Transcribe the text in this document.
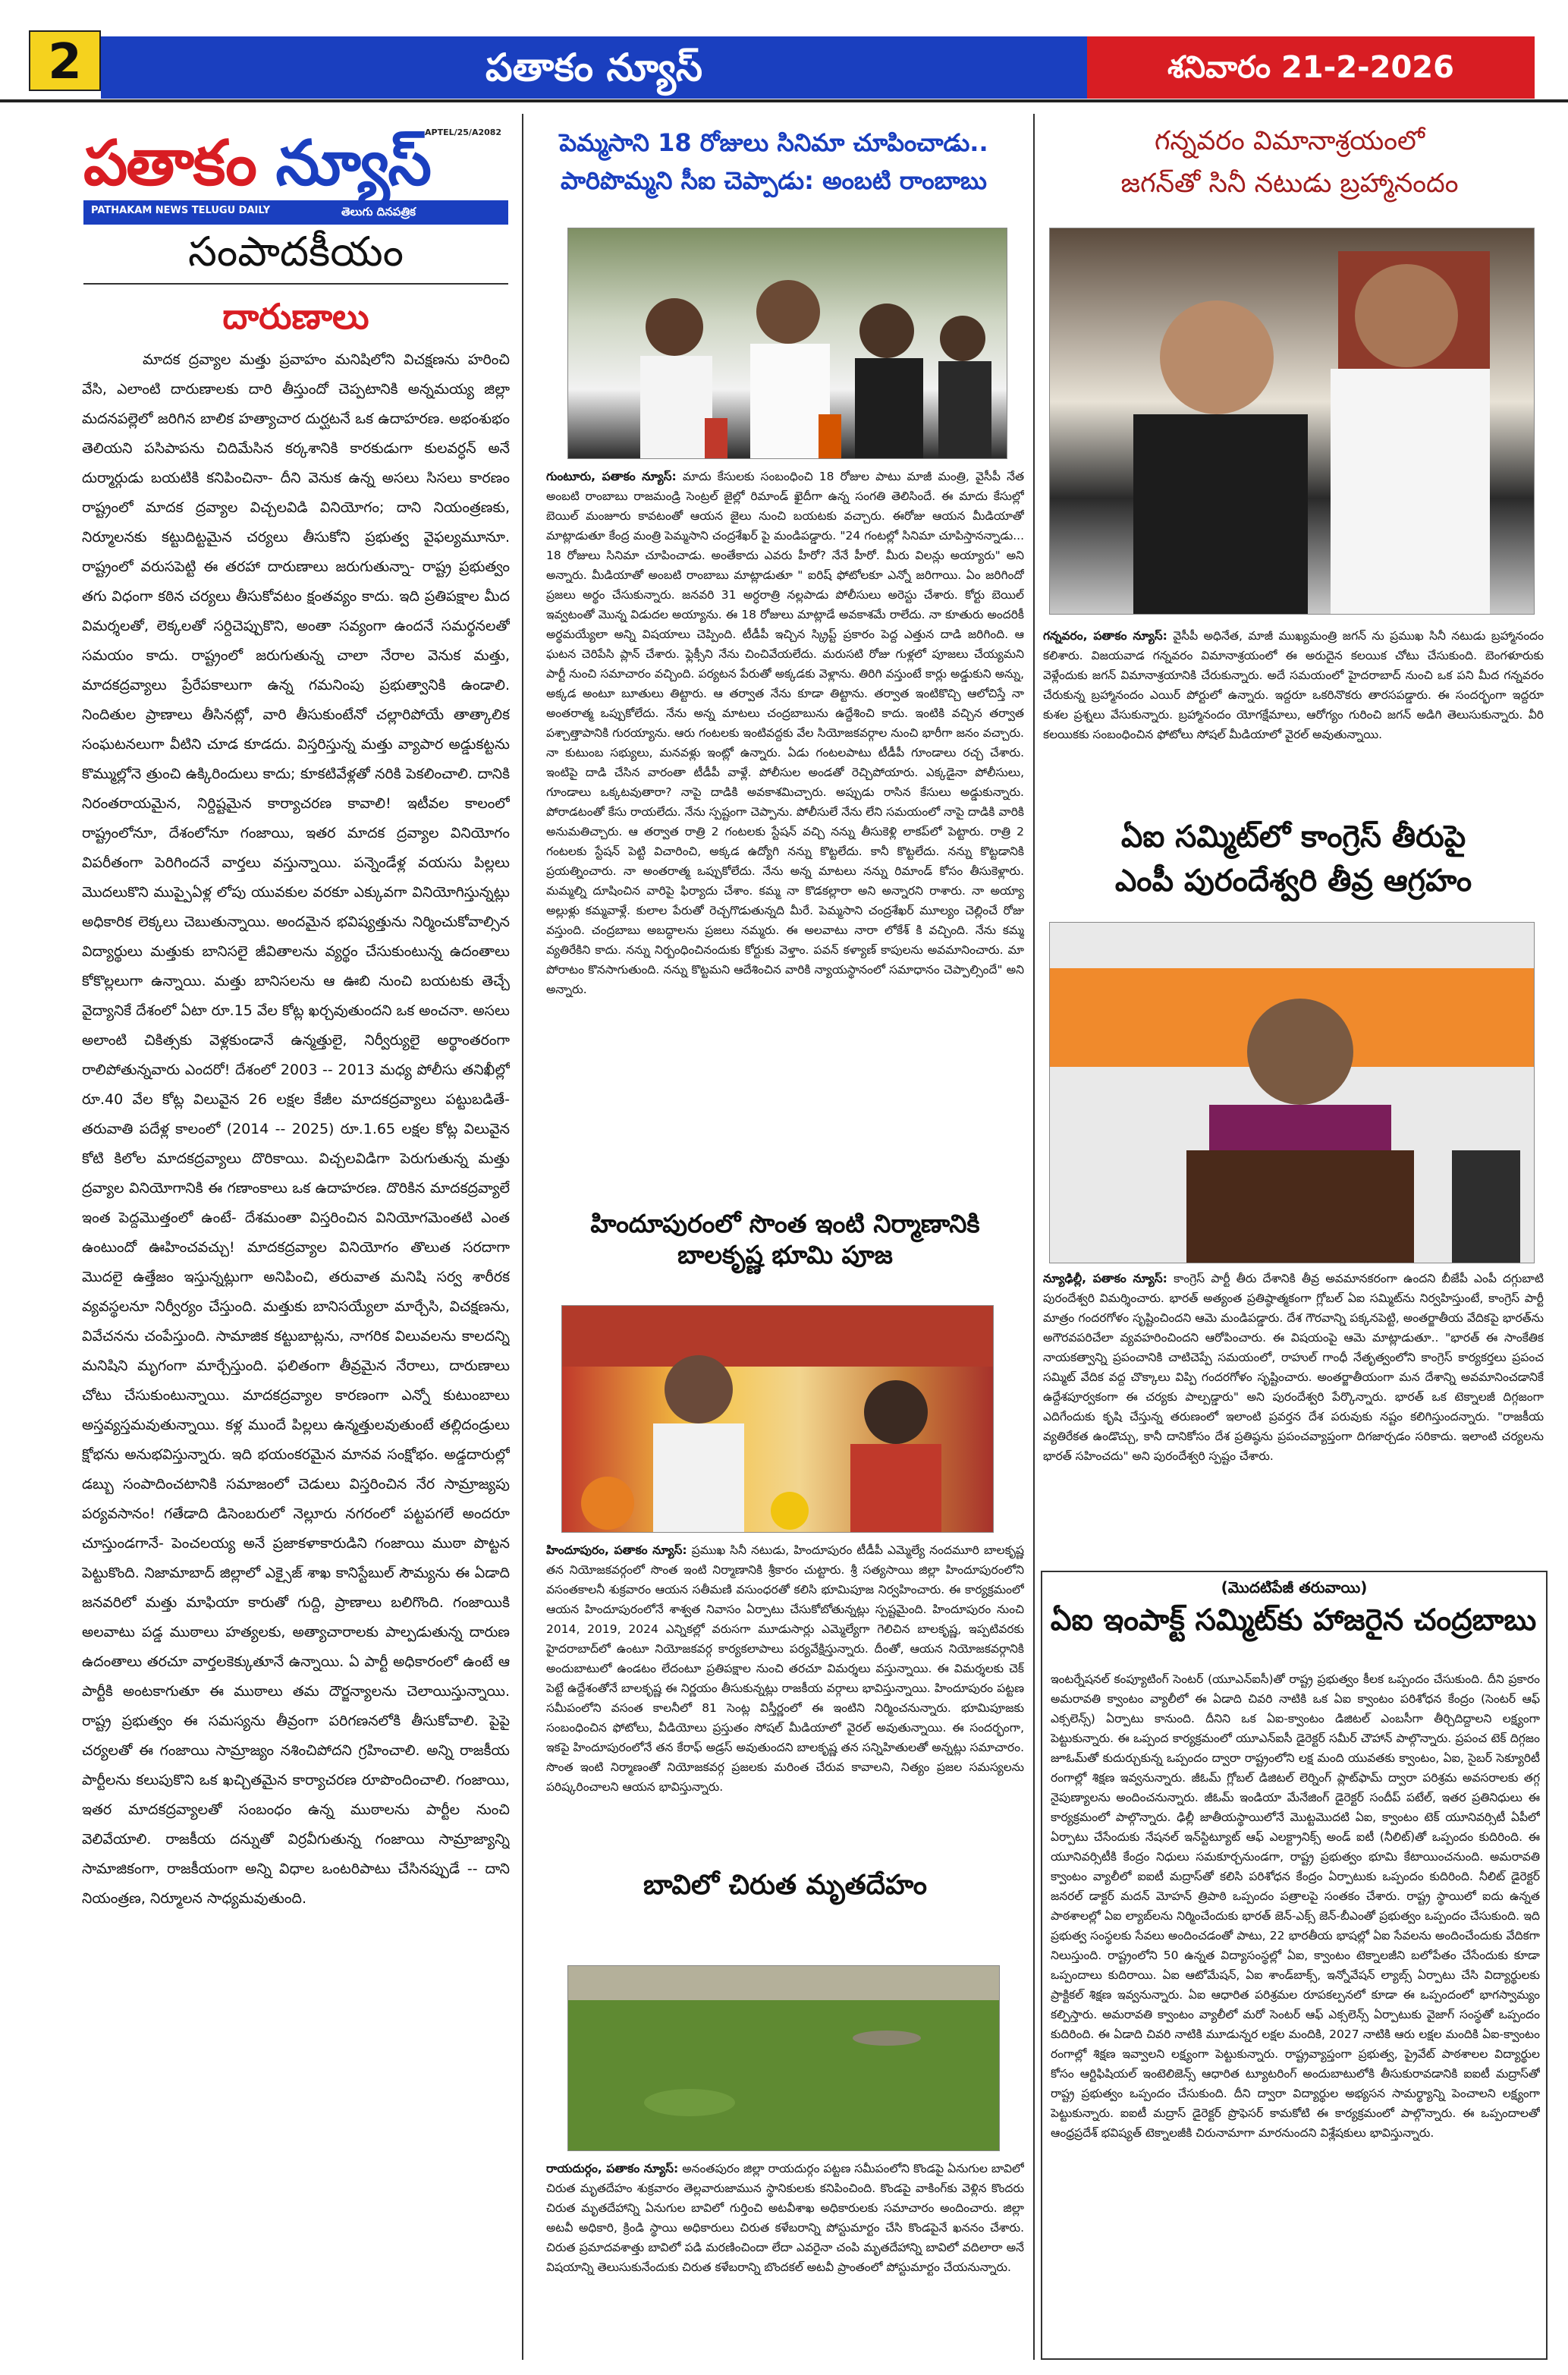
2	పతాకం న్యూస్	శనివారం 21-2-2026
పతాకం న్యూస్
APTEL/25/A2082
PATHAKAM NEWS TELUGU DAILY	తెలుగు దినపత్రిక
సంపాదకీయం
దారుణాలు
మాదక ద్రవ్యాల మత్తు ప్రవాహం మనిషిలోని విచక్షణను హరించి వేసి, ఎలాంటి దారుణాలకు దారి తీస్తుందో చెప్పటానికి అన్నమయ్య జిల్లా మదనపల్లెలో జరిగిన బాలిక హత్యాచార దుర్ఘటనే ఒక ఉదాహరణ. అభంశుభం తెలియని పసిపాపను చిదిమేసిన కర్కశానికి కారకుడుగా కులవర్ధన్ అనే దుర్మార్గుడు బయటికి కనిపించినా- దీని వెనుక ఉన్న అసలు సిసలు కారణం రాష్ట్రంలో మాదక ద్రవ్యాల విచ్చలవిడి వినియోగం; దాని నియంత్రణకు, నిర్మూలనకు కట్టుదిట్టమైన చర్యలు తీసుకోని ప్రభుత్వ వైఫల్యమూనూ. రాష్ట్రంలో వరుసపెట్టి ఈ తరహా దారుణాలు జరుగుతున్నా- రాష్ట్ర ప్రభుత్వం తగు విధంగా కఠిన చర్యలు తీసుకోవటం క్షంతవ్యం కాదు. ఇది ప్రతిపక్షాల మీద విమర్శలతో, లెక్కలతో సర్దిచెప్పుకొని, అంతా సవ్యంగా ఉందనే సమర్థనలతో సమయం కాదు. రాష్ట్రంలో జరుగుతున్న చాలా నేరాల వెనుక మత్తు, మాదకద్రవ్యాలు ప్రేరేపకాలుగా ఉన్న గమనింపు ప్రభుత్వానికి ఉండాలి. నిందితుల ప్రాణాలు తీసినట్లో, వారి తీసుకుంటేనో చల్లారిపోయే తాత్కాలిక సంఘటనలుగా వీటిని చూడ కూడదు. విస్తరిస్తున్న మత్తు వ్యాపార అడ్డుకట్టను కొమ్ముల్లోనె త్రుంచి ఉక్కిరిందులు కాదు; కూకటివేళ్లతో నరికి పెకలించాలి. దానికి నిరంతరాయమైన, నిర్దిష్టమైన కార్యాచరణ కావాలి! ఇటీవల కాలంలో రాష్ట్రంలోనూ, దేశంలోనూ గంజాయి, ఇతర మాదక ద్రవ్యాల వినియోగం విపరీతంగా పెరిగిందనే వార్తలు వస్తున్నాయి. పన్నెండేళ్ల వయసు పిల్లలు మొదలుకొని ముప్పైఏళ్ల లోపు యువకుల వరకూ ఎక్కువగా వినియోగిస్తున్నట్లు అధికారిక లెక్కలు చెబుతున్నాయి. అందమైన భవిష్యత్తును నిర్మించుకోవాల్సిన విద్యార్థులు మత్తుకు బానిసలై జీవితాలను వ్యర్థం చేసుకుంటున్న ఉదంతాలు కోకొల్లలుగా ఉన్నాయి. మత్తు బానిసలను ఆ ఊబి నుంచి బయటకు తెచ్చే వైద్యానికే దేశంలో ఏటా రూ.15 వేల కోట్ల ఖర్చవుతుందని ఒక అంచనా. అసలు అలాంటి చికిత్సకు వెళ్లకుండానే ఉన్మత్తులై, నిర్వీర్యులై అర్థాంతరంగా రాలిపోతున్నవారు ఎందరో! దేశంలో 2003 -- 2013 మధ్య పోలీసు తనిఖీల్లో రూ.40 వేల కోట్ల విలువైన 26 లక్షల కేజీల మాదకద్రవ్యాలు పట్టుబడితే- తరువాతి పదేళ్ల కాలంలో (2014 -- 2025) రూ.1.65 లక్షల కోట్ల విలువైన కోటి కిలోల మాదకద్రవ్యాలు దొరికాయి. విచ్చలవిడిగా పెరుగుతున్న మత్తు ద్రవ్యాల వినియోగానికి ఈ గణాంకాలు ఒక ఉదాహరణ. దొరికిన మాదకద్రవ్యాలే ఇంత పెద్దమొత్తంలో ఉంటే- దేశమంతా విస్తరించిన వినియోగమెంతటి ఎంత ఉంటుందో ఊహించవచ్చు! మాదకద్రవ్యాల వినియోగం తొలుత సరదాగా మొదలై ఉత్తేజం ఇస్తున్నట్లుగా అనిపించి, తరువాత మనిషి సర్వ శారీరక వ్యవస్థలనూ నిర్వీర్యం చేస్తుంది. మత్తుకు బానిసయ్యేలా మార్చేసి, విచక్షణను, వివేచనను చంపేస్తుంది. సామాజిక కట్టుబాట్లను, నాగరిక విలువలను కాలదన్ని మనిషిని మృగంగా మార్చేస్తుంది. ఫలితంగా తీవ్రమైన నేరాలు, దారుణాలు చోటు చేసుకుంటున్నాయి. మాదకద్రవ్యాల కారణంగా ఎన్నో కుటుంబాలు అస్తవ్యస్తమవుతున్నాయి. కళ్ల ముందే పిల్లలు ఉన్మత్తులవుతుంటే తల్లిదండ్రులు క్షోభను అనుభవిస్తున్నారు. ఇది భయంకరమైన మానవ సంక్షోభం. అడ్డదారుల్లో డబ్బు సంపాదించటానికి సమాజంలో చెడులు విస్తరించిన నేర సామ్రాజ్యపు పర్యవసానం! గతేడాది డిసెంబరులో నెల్లూరు నగరంలో పట్టపగలే అందరూ చూస్తుండగానే- పెంచలయ్య అనే ప్రజాకళాకారుడిని గంజాయి ముఠా పొట్టన పెట్టుకొంది. నిజామాబాద్ జిల్లాలో ఎక్సైజ్ శాఖ కానిస్టేబుల్ సౌమ్యను ఈ ఏడాది జనవరిలో మత్తు మాఫియా కారుతో గుద్ది, ప్రాణాలు బలిగొంది. గంజాయికి అలవాటు పడ్డ ముఠాలు హత్యలకు, అత్యాచారాలకు పాల్పడుతున్న దారుణ ఉదంతాలు తరచూ వార్తలకెక్కుతూనే ఉన్నాయి. ఏ పార్టీ అధికారంలో ఉంటే ఆ పార్టీకి అంటకాగుతూ ఈ ముఠాలు తమ దౌర్జన్యాలను చెలాయిస్తున్నాయి. రాష్ట్ర ప్రభుత్వం ఈ సమస్యను తీవ్రంగా పరిగణనలోకి తీసుకోవాలి. పైపై చర్యలతో ఈ గంజాయి సామ్రాజ్యం నశించిపోదని గ్రహించాలి. అన్ని రాజకీయ పార్టీలను కలుపుకొని ఒక ఖచ్చితమైన కార్యాచరణ రూపొందించాలి. గంజాయి, ఇతర మాదకద్రవ్యాలతో సంబంధం ఉన్న ముఠాలను పార్టీల నుంచి వెలివేయాలి. రాజకీయ దన్నుతో విర్రవీగుతున్న గంజాయి సామ్రాజ్యాన్ని సామాజికంగా, రాజకీయంగా అన్ని విధాల ఒంటరిపాటు చేసినప్పుడే -- దాని నియంత్రణ, నిర్మూలన సాధ్యమవుతుంది.
పెమ్మసాని 18 రోజులు సినిమా చూపించాడు..
పారిపొమ్మని సీఐ చెప్పాడు: అంబటి రాంబాబు
గుంటూరు, పతాకం న్యూస్: మాదు కేసులకు సంబంధించి 18 రోజుల పాటు మాజీ మంత్రి, వైసీపీ నేత అంబటి రాంబాబు రాజమండ్రి సెంట్రల్ జైల్లో రిమాండ్ ఖైదీగా ఉన్న సంగతి తెలిసిందే. ఈ మాదు కేసుల్లో బెయిల్ మంజూరు కావటంతో ఆయన జైలు నుంచి బయటకు వచ్చారు. ఈరోజు ఆయన మీడియాతో మాట్లాడుతూ కేంద్ర మంత్రి పెమ్మసాని చంద్రశేఖర్ పై మండిపడ్డారు. "24 గంటల్లో సినిమా చూపిస్తానన్నాడు... 18 రోజులు సినిమా చూపించాడు. అంతేకాదు ఎవరు హీరో? నేనే హీరో. మీరు విలన్లు అయ్యారు" అని అన్నారు. మీడియాతో అంబటి రాంబాబు మాట్లాడుతూ " ఐరిష్ ఫోటోలకూ ఎన్నో జరిగాయి. ఏం జరిగిందో ప్రజలు అర్థం చేసుకున్నారు. జనవరి 31 అర్ధరాత్రి నల్లపాడు పోలీసులు అరెస్టు చేశారు. కోర్టు బెయిల్ ఇవ్వటంతో మొన్న విడుదల అయ్యాను. ఈ 18 రోజులు మాట్లాడే అవకాశమే రాలేదు. నా కూతురు అందరికీ అర్థమయ్యేలా అన్ని విషయాలు చెప్పింది. టీడీపీ ఇచ్చిన స్క్రిప్ట్ ప్రకారం పెద్ద ఎత్తున దాడి జరిగింది. ఆ ఘటన చెరిపేసి ప్లాన్ చేశారు. ఫ్లెక్సీని నేను చించివేయలేదు. మరుసటి రోజు గుళ్లలో పూజలు చేయ్యమని పార్టీ నుంచి సమాచారం వచ్చింది. పర్యటన పేరుతో అక్కడకు వెళ్లాను. తిరిగి వస్తుంటే కార్లు అడ్డుకుని అన్ను, అక్కడ అంటూ బూతులు తిట్టారు. ఆ తర్వాత నేను కూడా తిట్టాను. తర్వాత ఇంటికొచ్చి ఆలోచిస్తే నా అంతరాత్మ ఒప్పుకోలేదు. నేను అన్న మాటలు చంద్రబాబును ఉద్దేశించి కాదు. ఇంటికి వచ్చిన తర్వాత పశ్చాత్తాపానికి గురయ్యాను. ఆరు గంటలకు ఇంటివద్దకు వేల సియోజకవర్గాల నుంచి భారీగా జనం వచ్చారు. నా కుటుంబ సభ్యులు, మనవళ్లు ఇంట్లో ఉన్నారు. ఏడు గంటలపాటు టీడీపీ గూండాలు రచ్చ చేశారు. ఇంటిపై దాడి చేసిన వారంతా టీడీపీ వాళ్లే. పోలీసుల అండతో రెచ్చిపోయారు. ఎక్కడైనా పోలీసులు, గూండాలు ఒక్కటవుతారా? నాపై దాడికి అవకాశమిచ్చారు. అప్పుడు రాసిన కేసులు అడ్డుకున్నారు. పోరాడటంతో కేసు రాయలేదు. నేను స్పష్టంగా చెప్పాను. పోలీసులే నేను లేని సమయంలో నాపై దాడికి వారికి అనుమతిచ్చారు. ఆ తర్వాత రాత్రి 2 గంటలకు స్టేషన్ వచ్చి నన్ను తీసుకెళ్లి లాకప్‌లో పెట్టారు. రాత్రి 2 గంటలకు స్టేషన్ పెట్టి విచారించి, అక్కడ ఉద్యోగి నన్ను కొట్టలేదు. కానీ కొట్టలేదు. నన్ను కొట్టడానికి ప్రయత్నించారు. నా అంతరాత్మ ఒప్పుకోలేదు. నేను అన్న మాటలు నన్ను రిమాండ్ కోసం తీసుకెళ్లారు. మమ్మల్ని దూషించిన వారిపై ఫిర్యాదు చేశాం. కమ్మ నా కొడకల్లారా అని అన్నారని రాశారు. నా అయ్యా అల్లుళ్లు కమ్మవాళ్లే. కులాల పేరుతో రెచ్చగొడుతున్నది మీరే. పెమ్మసాని చంద్రశేఖర్ మూల్యం చెల్లించే రోజు వస్తుంది. చంద్రబాబు అబద్ధాలను ప్రజలు నమ్మరు. ఈ అలవాటు నారా లోకేశ్ కి వచ్చింది. నేను కమ్మ వ్యతిరేకిని కాదు. నన్ను నిర్బంధించినందుకు కోర్టుకు వెళ్తాం. పవన్ కళ్యాణ్ కాపులను అవమానించారు. మా పోరాటం కొనసాగుతుంది. నన్ను కొట్టమని ఆదేశించిన వారికి న్యాయస్థానంలో సమాధానం చెప్పాల్సిందే" అని అన్నారు.
హిందూపురంలో సొంత ఇంటి నిర్మాణానికి బాలకృష్ణ భూమి పూజ
హిందూపురం, పతాకం న్యూస్: ప్రముఖ సినీ నటుడు, హిందూపురం టీడీపీ ఎమ్మెల్యే నందమూరి బాలకృష్ణ తన నియోజకవర్గంలో సొంత ఇంటి నిర్మాణానికి శ్రీకారం చుట్టారు. శ్రీ సత్యసాయి జిల్లా హిందూపురంలోని వసంతకాలనీ శుక్రవారం ఆయన సతీమణి వసుంధరతో కలిసి భూమిపూజ నిర్వహించారు. ఈ కార్యక్రమంలో ఆయన హిందూపురంలోనే శాశ్వత నివాసం ఏర్పాటు చేసుకోబోతున్నట్లు స్పష్టమైంది. హిందూపురం నుంచి 2014, 2019, 2024 ఎన్నికల్లో వరుసగా మూడుసార్లు ఎమ్మెల్యేగా గెలిచిన బాలకృష్ణ, ఇప్పటివరకు హైదరాబాద్‌లో ఉంటూ నియోజకవర్గ కార్యకలాపాలు పర్యవేక్షిస్తున్నారు. దీంతో, ఆయన నియోజకవర్గానికి అందుబాటులో ఉండటం లేదంటూ ప్రతిపక్షాల నుంచి తరచూ విమర్శలు వస్తున్నాయి. ఈ విమర్శలకు చెక్ పెట్టే ఉద్దేశంతోనే బాలకృష్ణ ఈ నిర్ణయం తీసుకున్నట్లు రాజకీయ వర్గాలు భావిస్తున్నాయి. హిందూపురం పట్టణ సమీపంలోని వసంత కాలనీలో 81 సెంట్ల విస్తీర్ణంలో ఈ ఇంటిని నిర్మించనున్నారు. భూమిపూజకు సంబంధించిన ఫోటోలు, వీడియోలు ప్రస్తుతం సోషల్ మీడియాలో వైరల్ అవుతున్నాయి. ఈ సందర్భంగా, ఇకపై హిందూపురంలోనే తన కేరాఫ్ అడ్రస్ అవుతుందని బాలకృష్ణ తన సన్నిహితులతో అన్నట్లు సమాచారం. సొంత ఇంటి నిర్మాణంతో నియోజకవర్గ ప్రజలకు మరింత చేరువ కావాలని, నిత్యం ప్రజల సమస్యలను పరిష్కరించాలని ఆయన భావిస్తున్నారు.
బావిలో చిరుత మృతదేహం
రాయదుర్గం, పతాకం న్యూస్: అనంతపురం జిల్లా రాయదుర్గం పట్టణ సమీపంలోని కొండపై ఏనుగుల బావిలో చిరుత మృతదేహం శుక్రవారం తెల్లవారుజామున స్థానికులకు కనిపించింది. కొండపై వాకింగ్‌కు వెళ్లిన కొందరు చిరుత మృతదేహాన్ని ఏనుగుల బావిలో గుర్తించి అటవీశాఖ అధికారులకు సమాచారం అందించారు. జిల్లా అటవీ అధికారి, క్రిండి స్థాయి అధికారులు చిరుత కళేబరాన్ని పోస్టుమార్టం చేసి కొండపైనే ఖననం చేశారు. చిరుత ప్రమాదవశాత్తు బావిలో పడి మరణించిందా లేదా ఎవరైనా చంపి మృతదేహాన్ని బావిలో వదిలారా అనే విషయాన్ని తెలుసుకునేందుకు చిరుత కళేబరాన్ని బొందకల్ అటవీ ప్రాంతంలో పోస్టుమార్టం చేయనున్నారు.
గన్నవరం విమానాశ్రయంలో
జగన్‌తో సినీ నటుడు బ్రహ్మానందం
గన్నవరం, పతాకం న్యూస్: వైసీపీ అధినేత, మాజీ ముఖ్యమంత్రి జగన్ ను ప్రముఖ సినీ నటుడు బ్రహ్మానందం కలిశారు. విజయవాడ గన్నవరం విమానాశ్రయంలో ఈ అరుదైన కలయిక చోటు చేసుకుంది. బెంగళూరుకు వెళ్లేందుకు జగన్ విమానాశ్రయానికి చేరుకున్నారు. అదే సమయంలో హైదరాబాద్ నుంచి ఒక పని మీద గన్నవరం చేరుకున్న బ్రహ్మానందం ఎయిర్ పోర్టులో ఉన్నారు. ఇద్దరూ ఒకరినొకరు తారసపడ్డారు. ఈ సందర్భంగా ఇద్దరూ కుశల ప్రశ్నలు వేసుకున్నారు. బ్రహ్మానందం యోగక్షేమాలు, ఆరోగ్యం గురించి జగన్ అడిగి తెలుసుకున్నారు. వీరి కలయికకు సంబంధించిన ఫోటోలు సోషల్ మీడియాలో వైరల్ అవుతున్నాయి.
ఏఐ సమ్మిట్‌లో కాంగ్రెస్ తీరుపై
ఎంపీ పురందేశ్వరి తీవ్ర ఆగ్రహం
న్యూఢిల్లీ, పతాకం న్యూస్: కాంగ్రెస్ పార్టీ తీరు దేశానికి తీవ్ర అవమానకరంగా ఉందని బీజేపీ ఎంపీ దగ్గుబాటి పురందేశ్వరి విమర్శించారు. భారత్ అత్యంత ప్రతిష్ఠాత్మకంగా గ్లోబల్ ఏఐ సమ్మిట్‌ను నిర్వహిస్తుంటే, కాంగ్రెస్ పార్టీ మాత్రం గందరగోళం సృష్టించిందని ఆమె మండిపడ్డారు. దేశ గౌరవాన్ని పక్కనపెట్టి, అంతర్జాతీయ వేదికపై భారత్‌ను అగౌరవపరిచేలా వ్యవహరించిందని ఆరోపించారు. ఈ విషయంపై ఆమె మాట్లాడుతూ.. "భారత్ ఈ సాంకేతిక నాయకత్వాన్ని ప్రపంచానికి చాటిచెప్పే సమయంలో, రాహుల్ గాంధీ నేతృత్వంలోని కాంగ్రెస్ కార్యకర్తలు ప్రపంచ సమ్మిట్ వేదిక వద్ద చొక్కాలు విప్పి గందరగోళం సృష్టించారు. అంతర్జాతీయంగా మన దేశాన్ని అవమానించడానికే ఉద్దేశపూర్వకంగా ఈ చర్యకు పాల్పడ్డారు" అని పురందేశ్వరి పేర్కొన్నారు. భారత్ ఒక టెక్నాలజీ దిగ్గజంగా ఎదిగేందుకు కృషి చేస్తున్న తరుణంలో ఇలాంటి ప్రవర్తన దేశ పరువుకు నష్టం కలిగిస్తుందన్నారు. "రాజకీయ వ్యతిరేకత ఉండొచ్చు, కానీ దానికోసం దేశ ప్రతిష్ఠను ప్రపంచవ్యాప్తంగా దిగజార్చడం సరికాదు. ఇలాంటి చర్యలను భారత్ సహించదు" అని పురందేశ్వరి స్పష్టం చేశారు.
(మొదటిపేజీ తరువాయి)
ఏఐ ఇంపాక్ట్ సమ్మిట్‌కు హాజరైన చంద్రబాబు
ఇంటర్నేషనల్ కంప్యూటింగ్ సెంటర్ (యూఎన్‌ఐసీ)తో రాష్ట్ర ప్రభుత్వం కీలక ఒప్పందం చేసుకుంది. దీని ప్రకారం అమరావతి క్వాంటం వ్యాలీలో ఈ ఏడాది చివరి నాటికి ఒక ఏఐ క్వాంటం పరిశోధన కేంద్రం (సెంటర్ ఆఫ్ ఎక్సలెన్స్) ఏర్పాటు కానుంది. దీనిని ఒక ఏఐ-క్వాంటం డిజిటల్ ఎంబసీగా తీర్చిదిద్దాలని లక్ష్యంగా పెట్టుకున్నారు. ఈ ఒప్పంద కార్యక్రమంలో యూఎన్‌ఐసీ డైరెక్టర్ సమీర్ చౌహాన్ పాల్గొన్నారు. ప్రపంచ టెక్ దిగ్గజం జూఓమ్‌తో కుదుర్చుకున్న ఒప్పందం ద్వారా రాష్ట్రంలోని లక్ష మంది యువతకు క్వాంటం, ఏఐ, సైబర్ సెక్యూరిటీ రంగాల్లో శిక్షణ ఇవ్వనున్నారు. జీఓమ్ గ్లోబల్ డిజిటల్ లెర్నింగ్ ప్లాట్‌ఫామ్ ద్వారా పరిశ్రమ అవసరాలకు తగ్గ నైపుణ్యాలను అందించనున్నారు. జీఓమ్ ఇండియా మేనేజింగ్ డైరెక్టర్ సందీప్ పటేల్, ఇతర ప్రతినిధులు ఈ కార్యక్రమంలో పాల్గొన్నారు. ఢిల్లీ జాతీయస్థాయిలోనే మొట్టమొదటి ఏఐ, క్వాంటం టెక్ యూనివర్సిటీ ఏపీలో ఏర్పాటు చేసేందుకు నేషనల్ ఇన్‌స్టిట్యూట్ ఆఫ్ ఎలక్ట్రానిక్స్ అండ్ ఐటీ (నీలిట్)తో ఒప్పందం కుదిరింది. ఈ యూనివర్సిటీకి కేంద్రం నిధులు సమకూర్చనుండగా, రాష్ట్ర ప్రభుత్వం భూమి కేటాయించనుంది. అమరావతి క్వాంటం వ్యాలీలో ఐఐటీ మద్రాస్‌తో కలిసి పరిశోధన కేంద్రం ఏర్పాటుకు ఒప్పందం కుదిరింది. నీలిట్ డైరెక్టర్ జనరల్ డాక్టర్ మదన్ మోహన్ త్రిపాఠి ఒప్పందం పత్రాలపై సంతకం చేశారు. రాష్ట్ర స్థాయిలో ఐదు ఉన్నత పాఠశాలల్లో ఏఐ ల్యాబ్‌లను నిర్మించేందుకు భారత్ జెన్-ఎక్స్ జెన్-బీఎం‌తో ప్రభుత్వం ఒప్పందం చేసుకుంది. ఇది ప్రభుత్వ సంస్థలకు సేవలు అందించడంతో పాటు, 22 భారతీయ భాషల్లో ఏఐ సేవలను అందించేందుకు వేదికగా నిలుస్తుంది. రాష్ట్రంలోని 50 ఉన్నత విద్యాసంస్థల్లో ఏఐ, క్వాంటం టెక్నాలజీని బలోపేతం చేసేందుకు కూడా ఒప్పందాలు కుదిరాయి. ఏఐ ఆటోమేషన్, ఏఐ శాండ్‌బాక్స్, ఇన్నోవేషన్ ల్యాబ్స్ ఏర్పాటు చేసి విద్యార్థులకు ప్రాక్టికల్ శిక్షణ ఇవ్వనున్నారు. ఏఐ ఆధారిత పరిశ్రమల రూపకల్పనలో కూడా ఈ ఒప్పందంలో భాగస్వామ్యం కల్పిస్తారు. అమరావతి క్వాంటం వ్యాలీలో మరో సెంటర్ ఆఫ్ ఎక్సలెన్స్ ఏర్పాటుకు వైజాగ్ సంస్థతో ఒప్పందం కుదిరింది. ఈ ఏడాది చివరి నాటికి మూడున్నర లక్షల మందికి, 2027 నాటికి ఆరు లక్షల మందికి ఏఐ-క్వాంటం రంగాల్లో శిక్షణ ఇవ్వాలని లక్ష్యంగా పెట్టుకున్నారు. రాష్ట్రవ్యాప్తంగా ప్రభుత్వ, ప్రైవేట్ పాఠశాలల విద్యార్థుల కోసం ఆర్టిఫిషియల్ ఇంటెలిజెన్స్ ఆధారిత ట్యూటరింగ్ అందుబాటులోకి తీసుకురావడానికి ఐఐటీ మద్రాస్‌తో రాష్ట్ర ప్రభుత్వం ఒప్పందం చేసుకుంది. దీని ద్వారా విద్యార్థుల అభ్యసన సామర్థ్యాన్ని పెంచాలని లక్ష్యంగా పెట్టుకున్నారు. ఐఐటీ మద్రాస్ డైరెక్టర్ ప్రొఫెసర్ కామకోటి ఈ కార్యక్రమంలో పాల్గొన్నారు. ఈ ఒప్పందాలతో ఆంధ్రప్రదేశ్ భవిష్యత్ టెక్నాలజీకి చిరునామాగా మారనుందని విశ్లేషకులు భావిస్తున్నారు.
